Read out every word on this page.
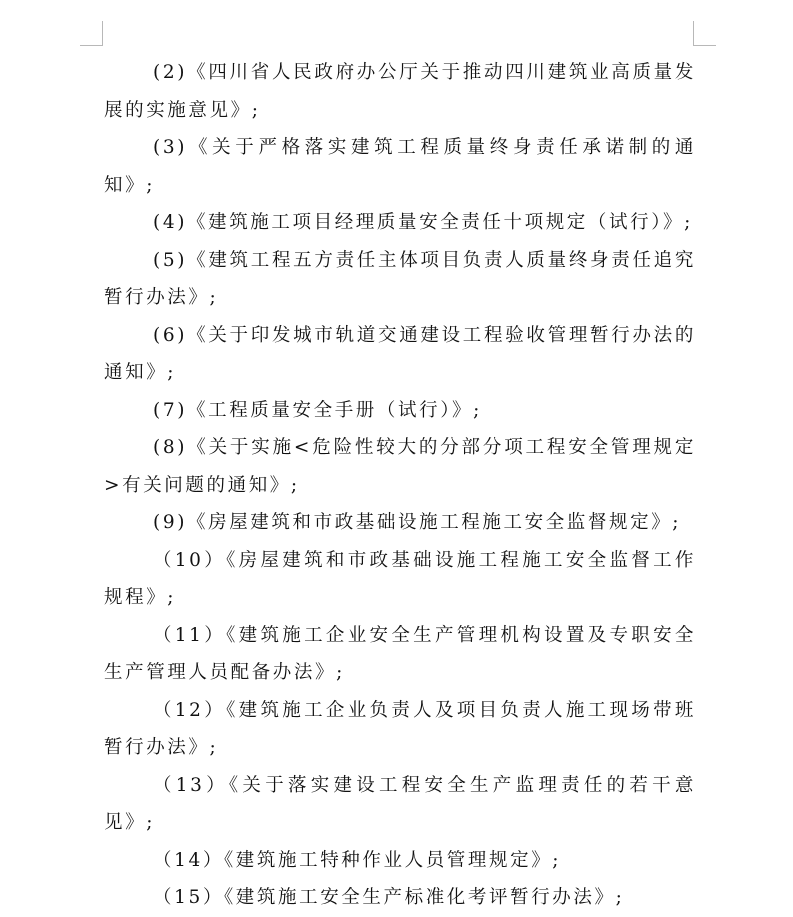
(2)《四川省人民政府办公厅关于推动四川建筑业高质量发展的实施意见》;

(3)《关于严格落实建筑工程质量终身责任承诺制的通知》;

(4)《建筑施工项目经理质量安全责任十项规定（试行）》;

(5)《建筑工程五方责任主体项目负责人质量终身责任追究暂行办法》;

(6)《关于印发城市轨道交通建设工程验收管理暂行办法的通知》;

(7)《工程质量安全手册（试行）》;

(8)《关于实施<危险性较大的分部分项工程安全管理规定>有关问题的通知》;

(9)《房屋建筑和市政基础设施工程施工安全监督规定》;

（10）《房屋建筑和市政基础设施工程施工安全监督工作规程》;

（11）《建筑施工企业安全生产管理机构设置及专职安全生产管理人员配备办法》;

（12）《建筑施工企业负责人及项目负责人施工现场带班暂行办法》;

（13）《关于落实建设工程安全生产监理责任的若干意见》;

（14）《建筑施工特种作业人员管理规定》;

（15）《建筑施工安全生产标准化考评暂行办法》;
